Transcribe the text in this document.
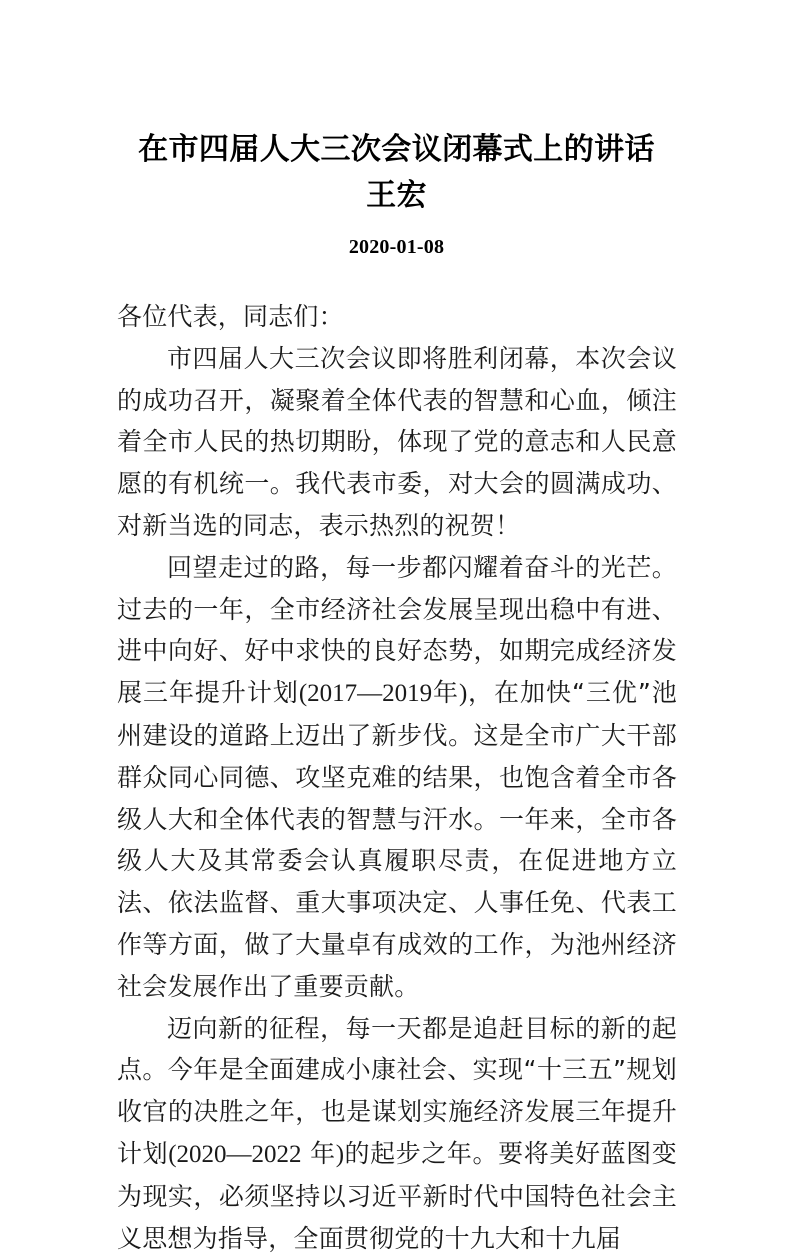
在市四届人大三次会议闭幕式上的讲话
王宏
2020-01-08

各位代表，同志们：

市四届人大三次会议即将胜利闭幕，本次会议的成功召开，凝聚着全体代表的智慧和心血，倾注着全市人民的热切期盼，体现了党的意志和人民意愿的有机统一。我代表市委，对大会的圆满成功、对新当选的同志，表示热烈的祝贺！

回望走过的路，每一步都闪耀着奋斗的光芒。过去的一年，全市经济社会发展呈现出稳中有进、进中向好、好中求快的良好态势，如期完成经济发展三年提升计划(2017—2019年)，在加快“三优”池州建设的道路上迈出了新步伐。这是全市广大干部群众同心同德、攻坚克难的结果，也饱含着全市各级人大和全体代表的智慧与汗水。一年来，全市各级人大及其常委会认真履职尽责，在促进地方立法、依法监督、重大事项决定、人事任免、代表工作等方面，做了大量卓有成效的工作，为池州经济社会发展作出了重要贡献。

迈向新的征程，每一天都是追赶目标的新的起点。今年是全面建成小康社会、实现“十三五”规划收官的决胜之年，也是谋划实施经济发展三年提升计划(2020—2022 年)的起步之年。要将美好蓝图变为现实，必须坚持以习近平新时代中国特色社会主义思想为指导，全面贯彻党的十九大和十九届
